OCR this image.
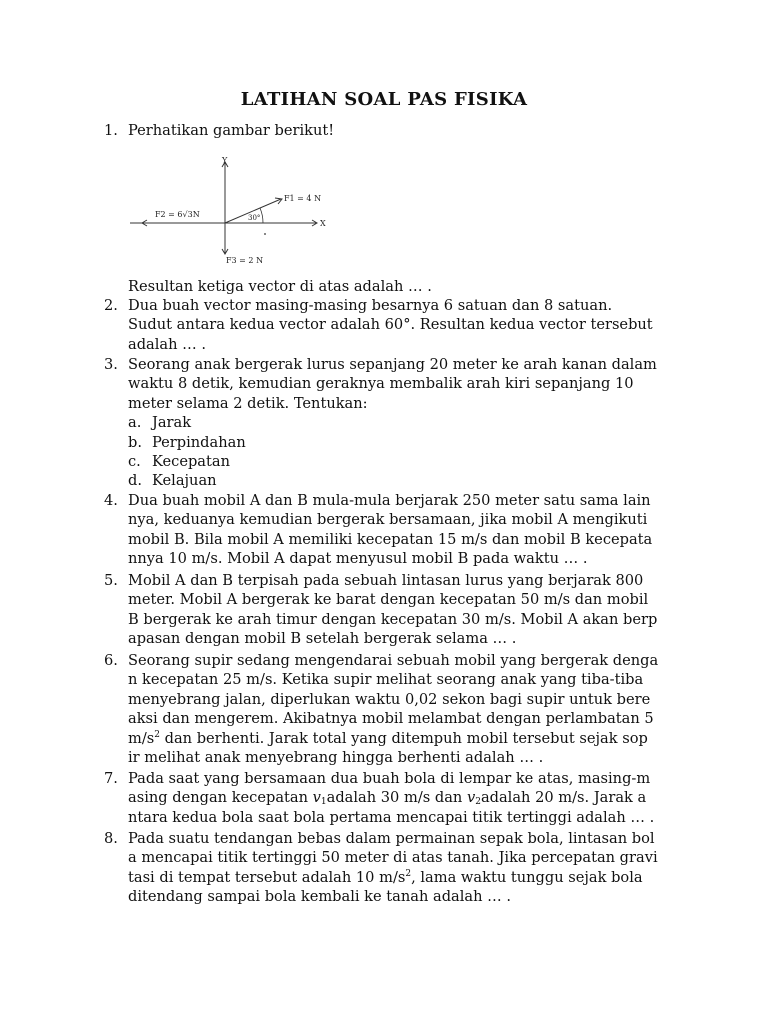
LATIHAN SOAL PAS FISIKA
1. Perhatikan gambar berikut!
Y
X
F1 = 4 N
F2 = 6√3N
F3 = 2 N
30°
Resultan ketiga vector di atas adalah … .
2. Dua buah vector masing-masing besarnya 6 satuan dan 8 satuan.
Sudut antara kedua vector adalah 60°. Resultan kedua vector tersebut
adalah … .
3. Seorang anak bergerak lurus sepanjang 20 meter ke arah kanan dalam
waktu 8 detik, kemudian geraknya membalik arah kiri sepanjang 10
meter selama 2 detik. Tentukan:
a. Jarak
b. Perpindahan
c. Kecepatan
d. Kelajuan
4. Dua buah mobil A dan B mula-mula berjarak 250 meter satu sama lain
nya, keduanya kemudian bergerak bersamaan, jika mobil A mengikuti
mobil B. Bila mobil A memiliki kecepatan 15 m/s dan mobil B kecepata
nnya 10 m/s. Mobil A dapat menyusul mobil B pada waktu … .
5. Mobil A dan B terpisah pada sebuah lintasan lurus yang berjarak 800
meter. Mobil A bergerak ke barat dengan kecepatan 50 m/s dan mobil
B bergerak ke arah timur dengan kecepatan 30 m/s. Mobil A akan berp
apasan dengan mobil B setelah bergerak selama … .
6. Seorang supir sedang mengendarai sebuah mobil yang bergerak denga
n kecepatan 25 m/s. Ketika supir melihat seorang anak yang tiba-tiba
menyebrang jalan, diperlukan waktu 0,02 sekon bagi supir untuk bere
aksi dan mengerem. Akibatnya mobil melambat dengan perlambatan 5
$m/s^2$ dan berhenti. Jarak total yang ditempuh mobil tersebut sejak sop
ir melihat anak menyebrang hingga berhenti adalah … .
7. Pada saat yang bersamaan dua buah bola di lempar ke atas, masing-m
asing dengan kecepatan $v_1adalah$ 30 m/s dan $v_2adalah$ 20 m/s. Jarak a
ntara kedua bola saat bola pertama mencapai titik tertinggi adalah … .
8. Pada suatu tendangan bebas dalam permainan sepak bola, lintasan bol
a mencapai titik tertinggi 50 meter di atas tanah. Jika percepatan gravi
tasi di tempat tersebut adalah 10 $m/s^2$, lama waktu tunggu sejak bola
ditendang sampai bola kembali ke tanah adalah … .
